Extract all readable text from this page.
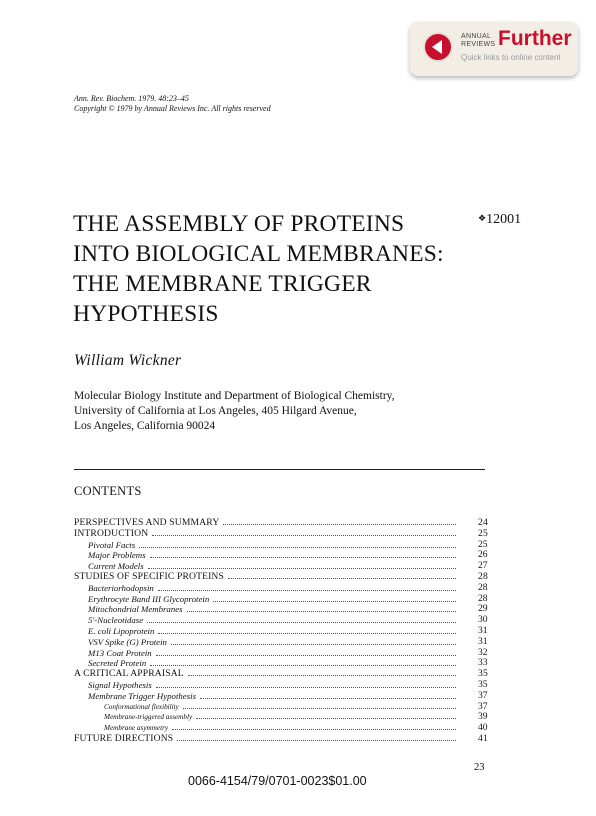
ANNUAL
REVIEWS Further
Quick links to online content
Ann. Rev. Biochem. 1979. 48:23–45
Copyright © 1979 by Annual Reviews Inc. All rights reserved
THE ASSEMBLY OF PROTEINS
INTO BIOLOGICAL MEMBRANES:
THE MEMBRANE TRIGGER
HYPOTHESIS
❖12001
William Wickner
Molecular Biology Institute and Department of Biological Chemistry,
University of California at Los Angeles, 405 Hilgard Avenue,
Los Angeles, California 90024
CONTENTS
PERSPECTIVES AND SUMMARY	24
INTRODUCTION	25
Pivotal Facts	25
Major Problems	26
Current Models	27
STUDIES OF SPECIFIC PROTEINS	28
Bacteriorhodopsin	28
Erythrocyte Band III Glycoprotein	28
Mitochondrial Membranes	29
5'-Nucleotidase	30
E. coli Lipoprotein	31
VSV Spike (G) Protein	31
M13 Coat Protein	32
Secreted Protein	33
A CRITICAL APPRAISAL	35
Signal Hypothesis	35
Membrane Trigger Hypothesis	37
Conformational flexibility	37
Membrane-triggered assembly	39
Membrane asymmetry	40
FUTURE DIRECTIONS	41
23
0066-4154/79/0701-0023$01.00
